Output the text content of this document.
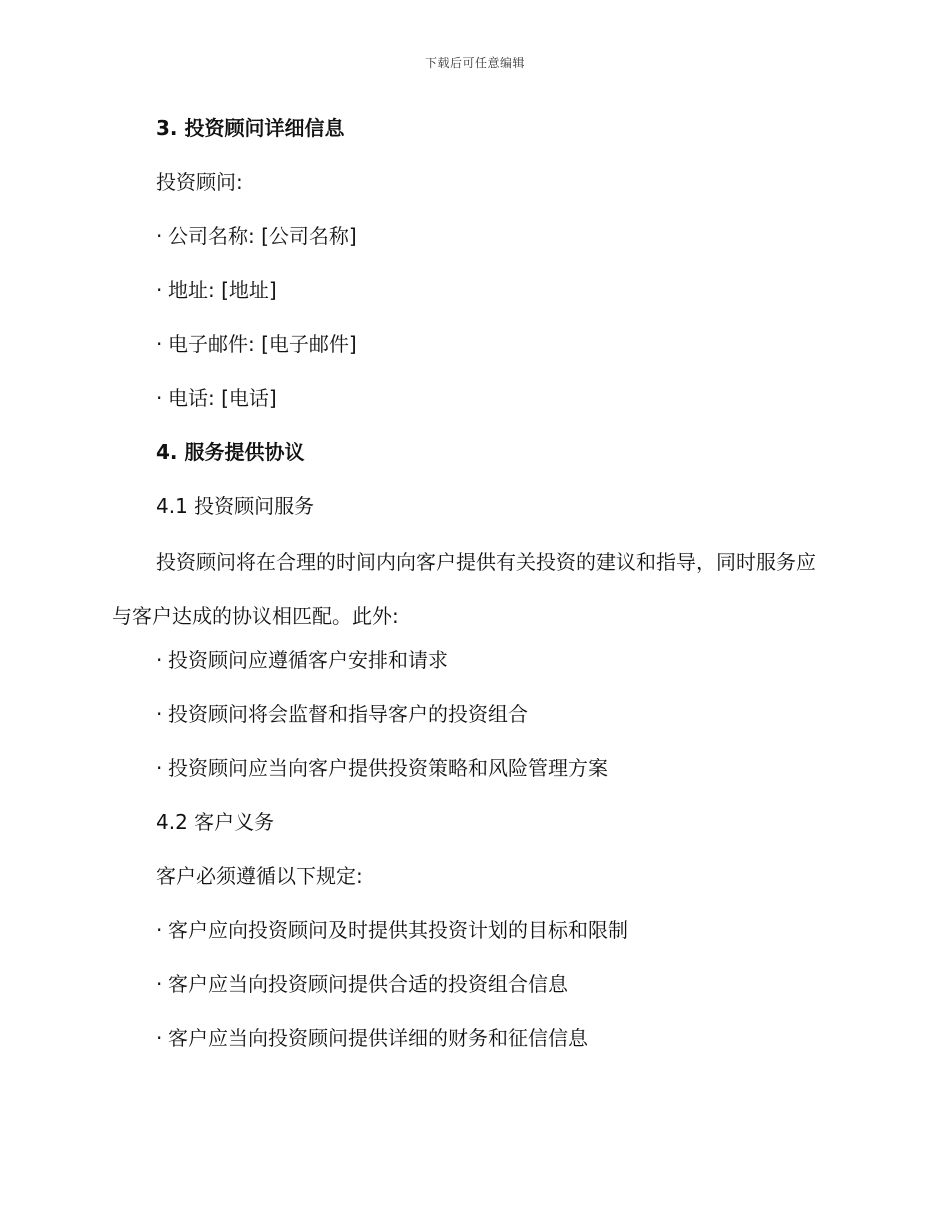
下载后可任意编辑
3. 投资顾问详细信息
投资顾问:
· 公司名称: [公司名称]
· 地址: [地址]
· 电子邮件: [电子邮件]
· 电话: [电话]
4. 服务提供协议
4.1 投资顾问服务
投资顾问将在合理的时间内向客户提供有关投资的建议和指导，同时服务应与客户达成的协议相匹配。此外:
· 投资顾问应遵循客户安排和请求
· 投资顾问将会监督和指导客户的投资组合
· 投资顾问应当向客户提供投资策略和风险管理方案
4.2 客户义务
客户必须遵循以下规定:
· 客户应向投资顾问及时提供其投资计划的目标和限制
· 客户应当向投资顾问提供合适的投资组合信息
· 客户应当向投资顾问提供详细的财务和征信信息
